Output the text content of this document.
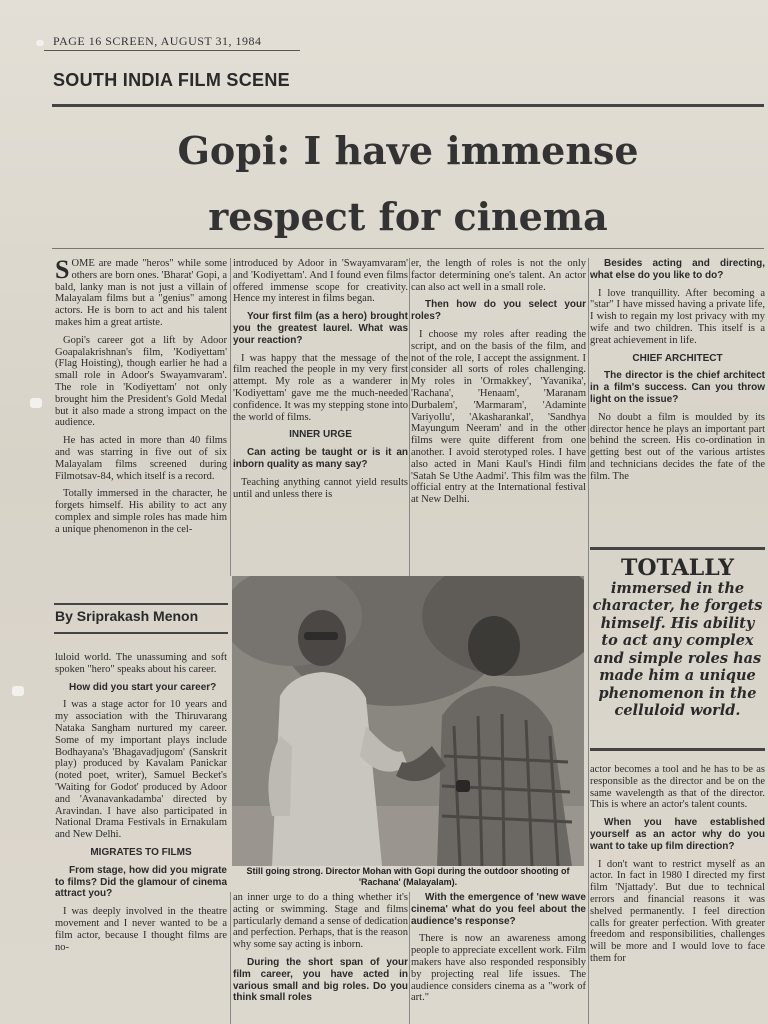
PAGE 16 SCREEN, AUGUST 31, 1984
SOUTH INDIA FILM SCENE
Gopi: I have immense
respect for cinema

SOME are made "heros" while some others are born ones. 'Bharat' Gopi, a bald, lanky man is not just a villain of Malayalam films but a "genius" among actors. He is born to act and his talent makes him a great artiste.

Gopi's career got a lift by Adoor Goapalakrishnan's film, 'Kodiyettam' (Flag Hoisting), though earlier he had a small role in Adoor's Swayamvaram'. The role in 'Kodiyettam' not only brought him the President's Gold Medal but it also made a strong impact on the audience.

He has acted in more than 40 films and was starring in five out of six Malayalam films screened during Filmotsav-84, which itself is a record.

Totally immersed in the character, he forgets himself. His ability to act any complex and simple roles has made him a unique phenomenon in the cel-

By Sriprakash Menon

luloid world. The unassuming and soft spoken "hero" speaks about his career.

How did you start your career?

I was a stage actor for 10 years and my association with the Thiruvarang Nataka Sangham nurtured my career. Some of my important plays include Bodhayana's 'Bhagavadjugom' (Sanskrit play) produced by Kavalam Panickar (noted poet, writer), Samuel Becket's 'Waiting for Godot' produced by Adoor and 'Avanavankadamba' directed by Aravindan. I have also participated in National Drama Festivals in Ernakulam and New Delhi.

MIGRATES TO FILMS

From stage, how did you migrate to films? Did the glamour of cinema attract you?

I was deeply involved in the theatre movement and I never wanted to be a film actor, because I thought films are no-

introduced by Adoor in 'Swayamvaram' and 'Kodiyettam'. And I found even films offered immense scope for creativity. Hence my interest in films began.

Your first film (as a hero) brought you the greatest laurel. What was your reaction?

I was happy that the message of the film reached the people in my very first attempt. My role as a wanderer in 'Kodiyettam' gave me the much-needed confidence. It was my stepping stone into the world of films.

INNER URGE

Can acting be taught or is it an inborn quality as many say?

Teaching anything cannot yield results until and unless there is

er, the length of roles is not the only factor determining one's talent. An actor can also act well in a small role.

Then how do you select your roles?

I choose my roles after reading the script, and on the basis of the film, and not of the role, I accept the assignment. I consider all sorts of roles challenging. My roles in 'Ormakkey', 'Yavanika', 'Rachana', 'Henaam', 'Maranam Durbalem', 'Marmaram', 'Adaminte Variyollu', 'Akasharankal', 'Sandhya Mayungum Neeram' and in the other films were quite different from one another. I avoid sterotyped roles. I have also acted in Mani Kaul's Hindi film 'Satah Se Uthe Aadmi'. This film was the official entry at the International festival at New Delhi.

Still going strong. Director Mohan with Gopi during the outdoor shooting of 'Rachana' (Malayalam).

an inner urge to do a thing whether it's acting or swimming. Stage and films particularly demand a sense of dedication and perfection. Perhaps, that is the reason why some say acting is inborn.

During the short span of your film career, you have acted in various small and big roles. Do you think small roles

With the emergence of 'new wave cinema' what do you feel about the audience's response?

There is now an awareness among people to appreciate excellent work. Film makers have also responded responsibly by projecting real life issues. The audience considers cinema as a "work of art."

Besides acting and directing, what else do you like to do?

I love tranquillity. After becoming a "star" I have missed having a private life, I wish to regain my lost privacy with my wife and two children. This itself is a great achievement in life.

CHIEF ARCHITECT

The director is the chief architect in a film's success. Can you throw light on the issue?

No doubt a film is moulded by its director hence he plays an important part behind the screen. His co-ordination in getting best out of the various artistes and technicians decides the fate of the film. The

TOTALLY immersed in the character, he forgets himself. His ability to act any complex and simple roles has made him a unique phenomenon in the celluloid world.

actor becomes a tool and he has to be as responsible as the director and be on the same wavelength as that of the director. This is where an actor's talent counts.

When you have established yourself as an actor why do you want to take up film direction?

I don't want to restrict myself as an actor. In fact in 1980 I directed my first film 'Njattady'. But due to technical errors and financial reasons it was shelved permanently. I feel direction calls for greater perfection. With greater freedom and responsibilities, challenges will be more and I would love to face them for
